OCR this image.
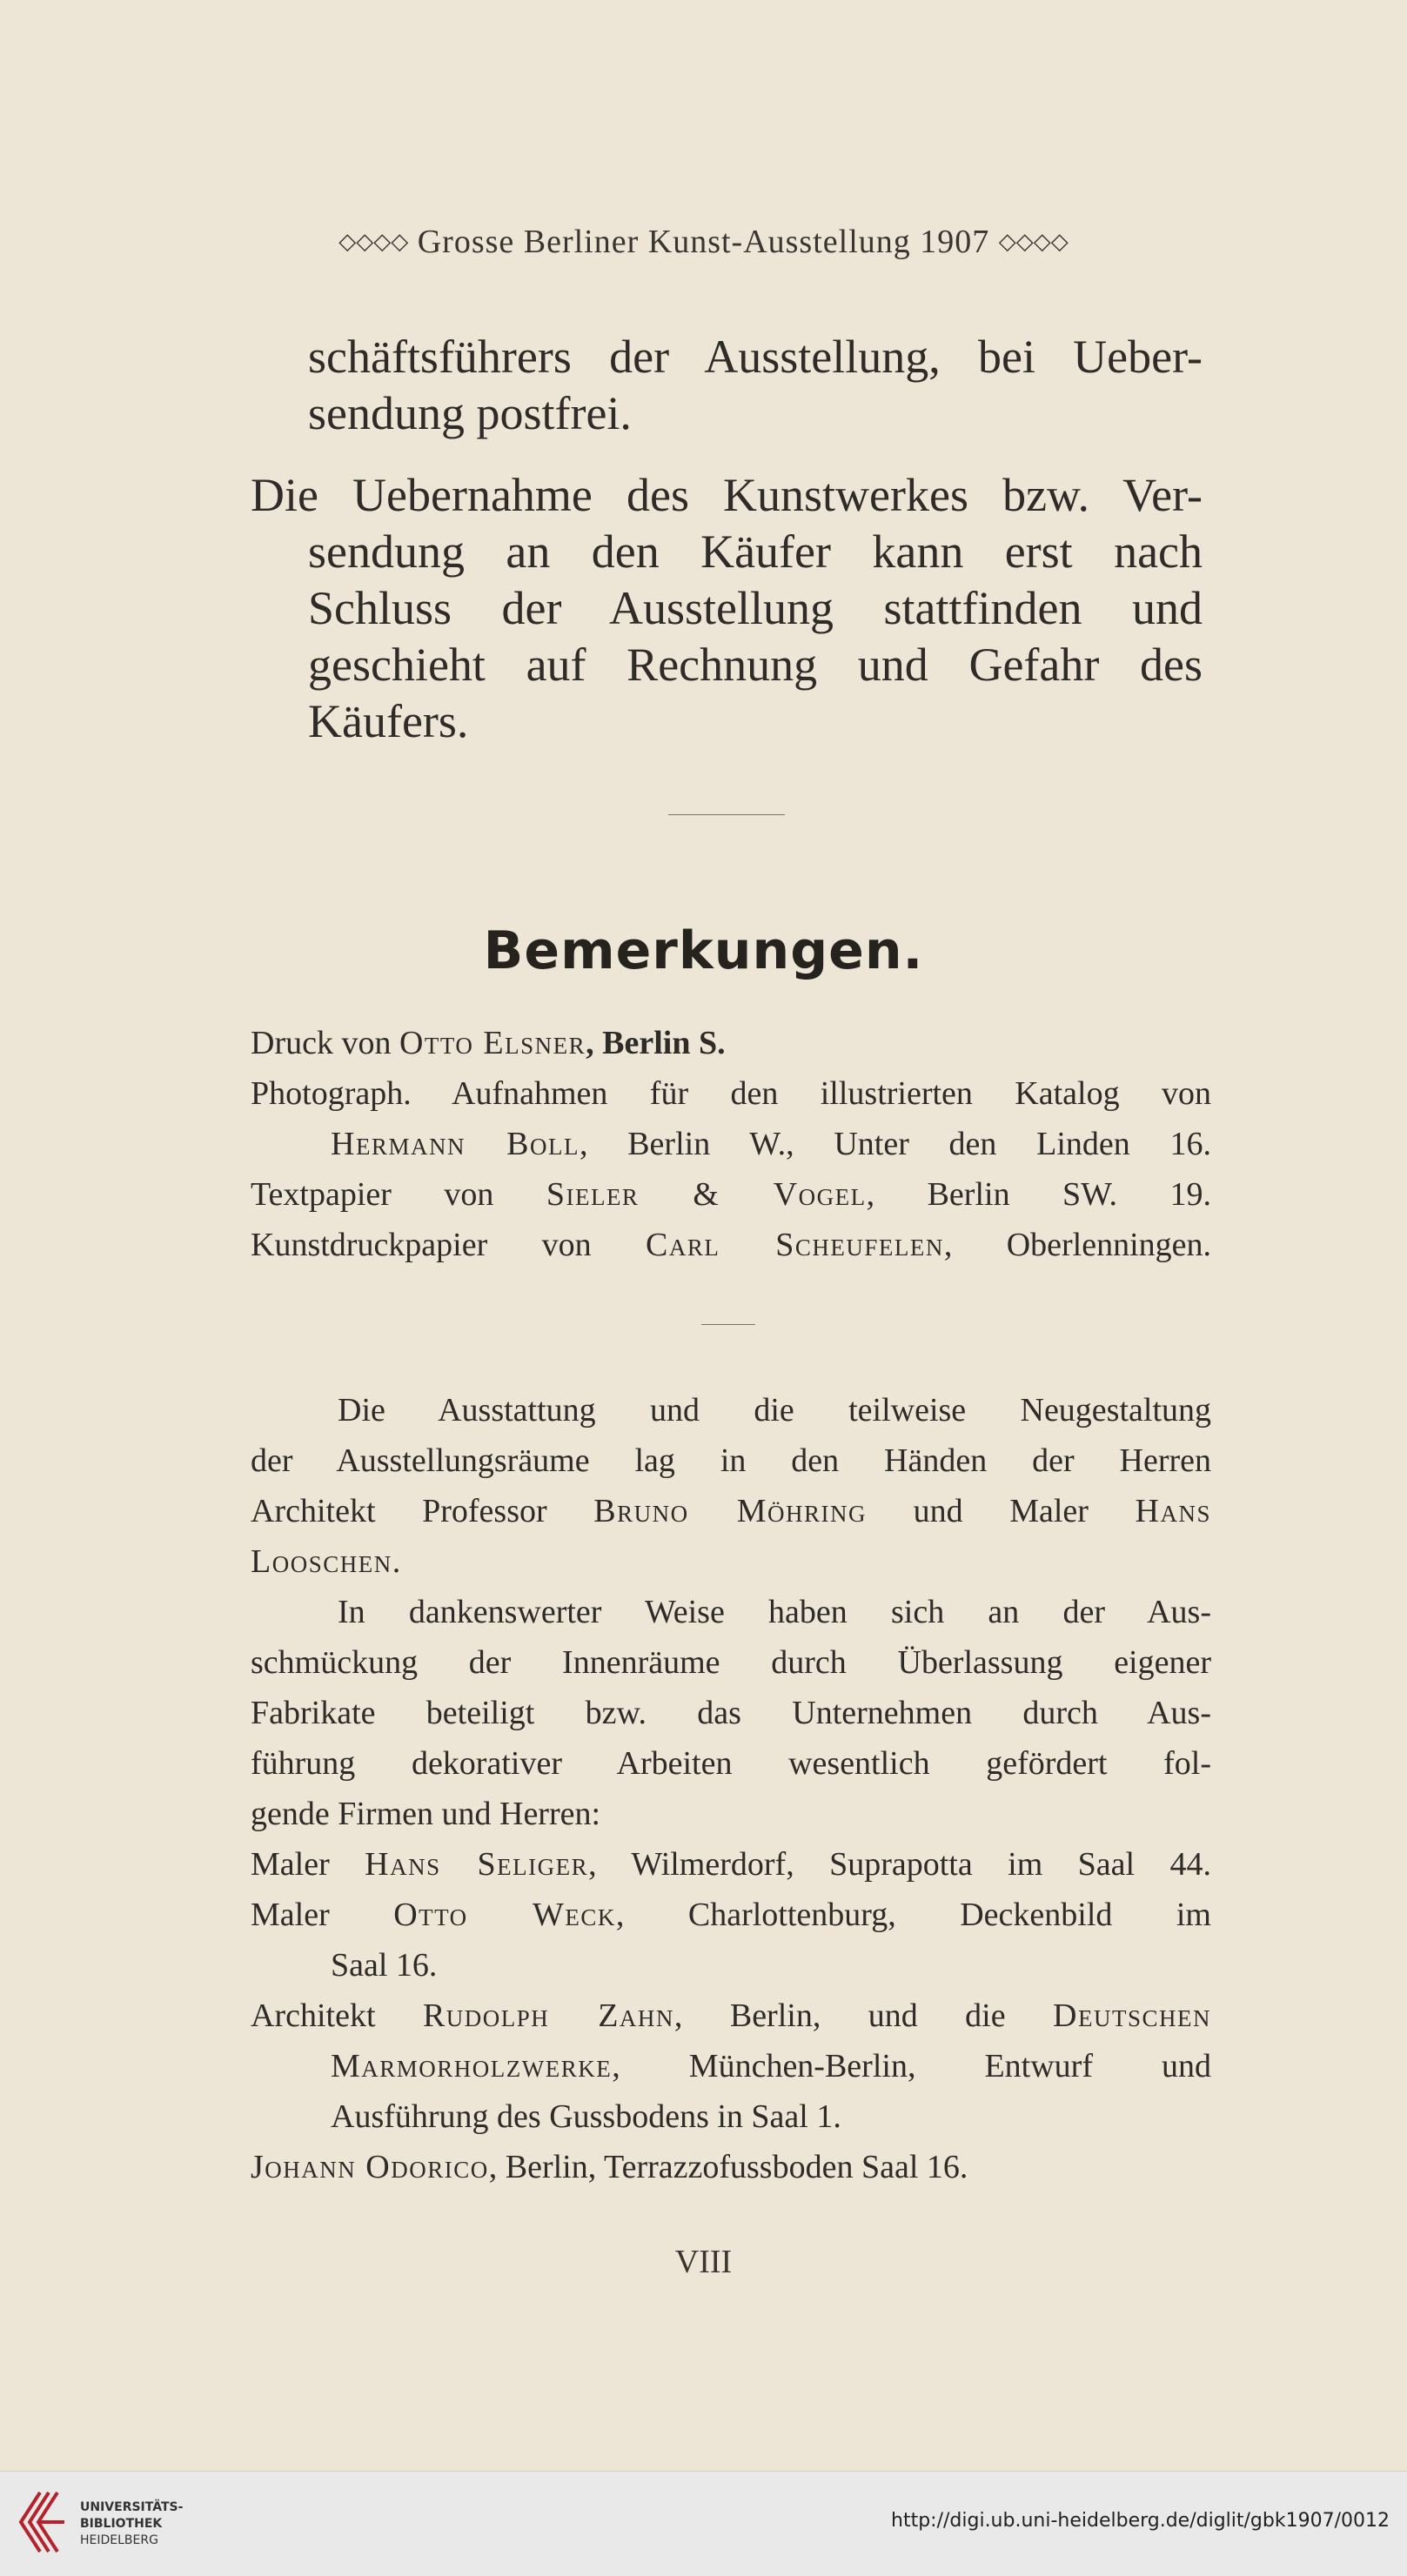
◇◇◇◇ Grosse Berliner Kunst-Ausstellung 1907 ◇◇◇◇
schäftsführers der Ausstellung, bei Ueber-
sendung postfrei.
Die Uebernahme des Kunstwerkes bzw. Ver-
sendung an den Käufer kann erst nach
Schluss der Ausstellung stattfinden und
geschieht auf Rechnung und Gefahr des
Käufers.
Bemerkungen.
Druck von Otto Elsner, Berlin S.
Photograph. Aufnahmen für den illustrierten Katalog von
Hermann Boll, Berlin W., Unter den Linden 16.
Textpapier von Sieler & Vogel, Berlin SW. 19.
Kunstdruckpapier von Carl Scheufelen, Oberlenningen.
Die Ausstattung und die teilweise Neugestaltung
der Ausstellungsräume lag in den Händen der Herren
Architekt Professor Bruno Möhring und Maler Hans
Looschen.
In dankenswerter Weise haben sich an der Aus-
schmückung der Innenräume durch Überlassung eigener
Fabrikate beteiligt bzw. das Unternehmen durch Aus-
führung dekorativer Arbeiten wesentlich gefördert fol-
gende Firmen und Herren:
Maler Hans Seliger, Wilmerdorf, Suprapotta im Saal 44.
Maler Otto Weck, Charlottenburg, Deckenbild im
Saal 16.
Architekt Rudolph Zahn, Berlin, und die Deutschen
Marmorholzwerke, München-Berlin, Entwurf und
Ausführung des Gussbodens in Saal 1.
Johann Odorico, Berlin, Terrazzofussboden Saal 16.
VIII
UNIVERSITÄTS-
BIBLIOTHEK
HEIDELBERG
http://digi.ub.uni-heidelberg.de/diglit/gbk1907/0012
